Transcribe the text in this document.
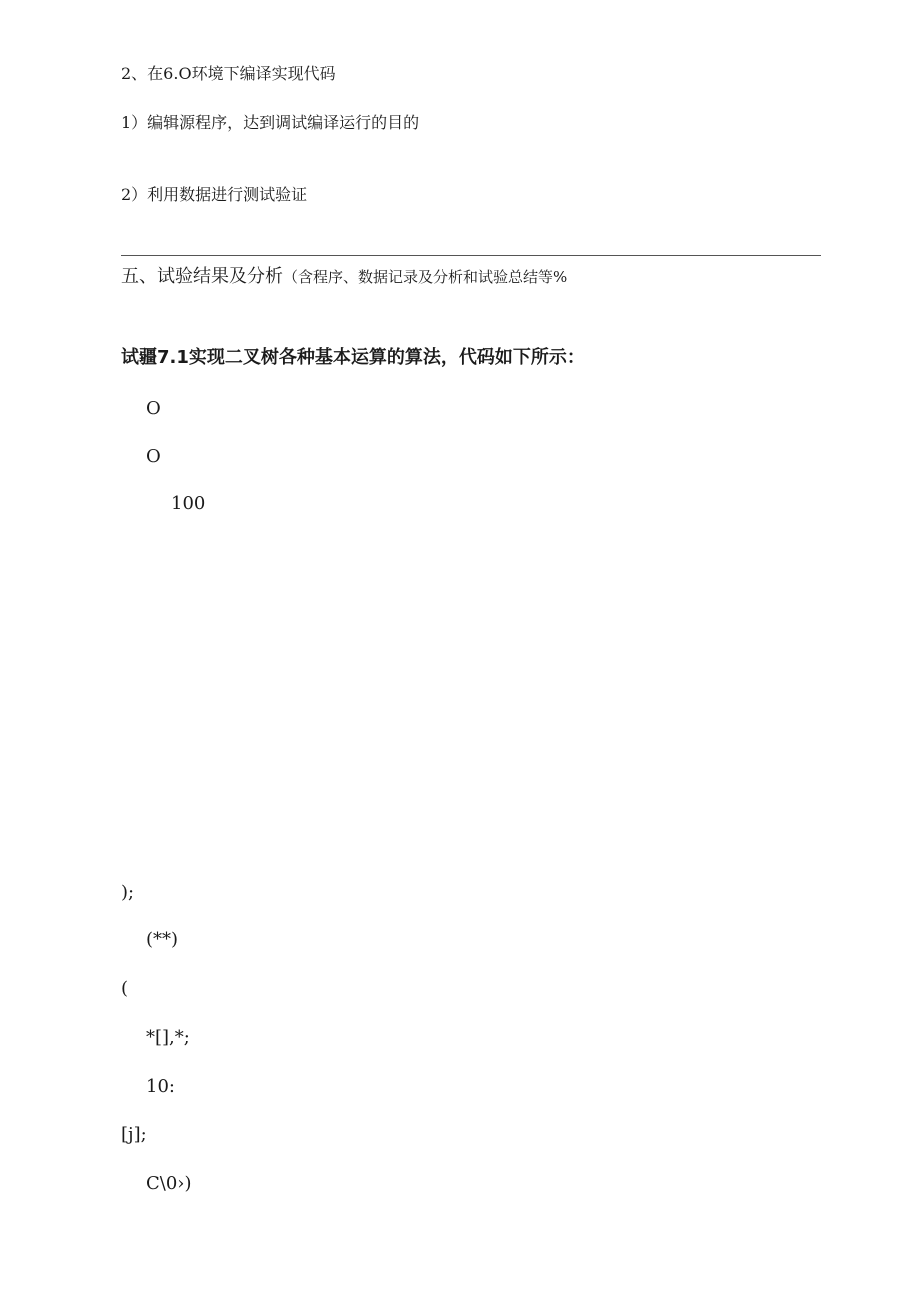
2、在6.O环境下编译实现代码
1）编辑源程序，达到调试编译运行的目的
2）利用数据进行测试验证
五、试验结果及分析（含程序、数据记录及分析和试验总结等%
试疆7.1实现二叉树各种基本运算的算法，代码如下所示：
O
O
100
);
(**)
(
*[],*;
10:
[j];
C\0›)
